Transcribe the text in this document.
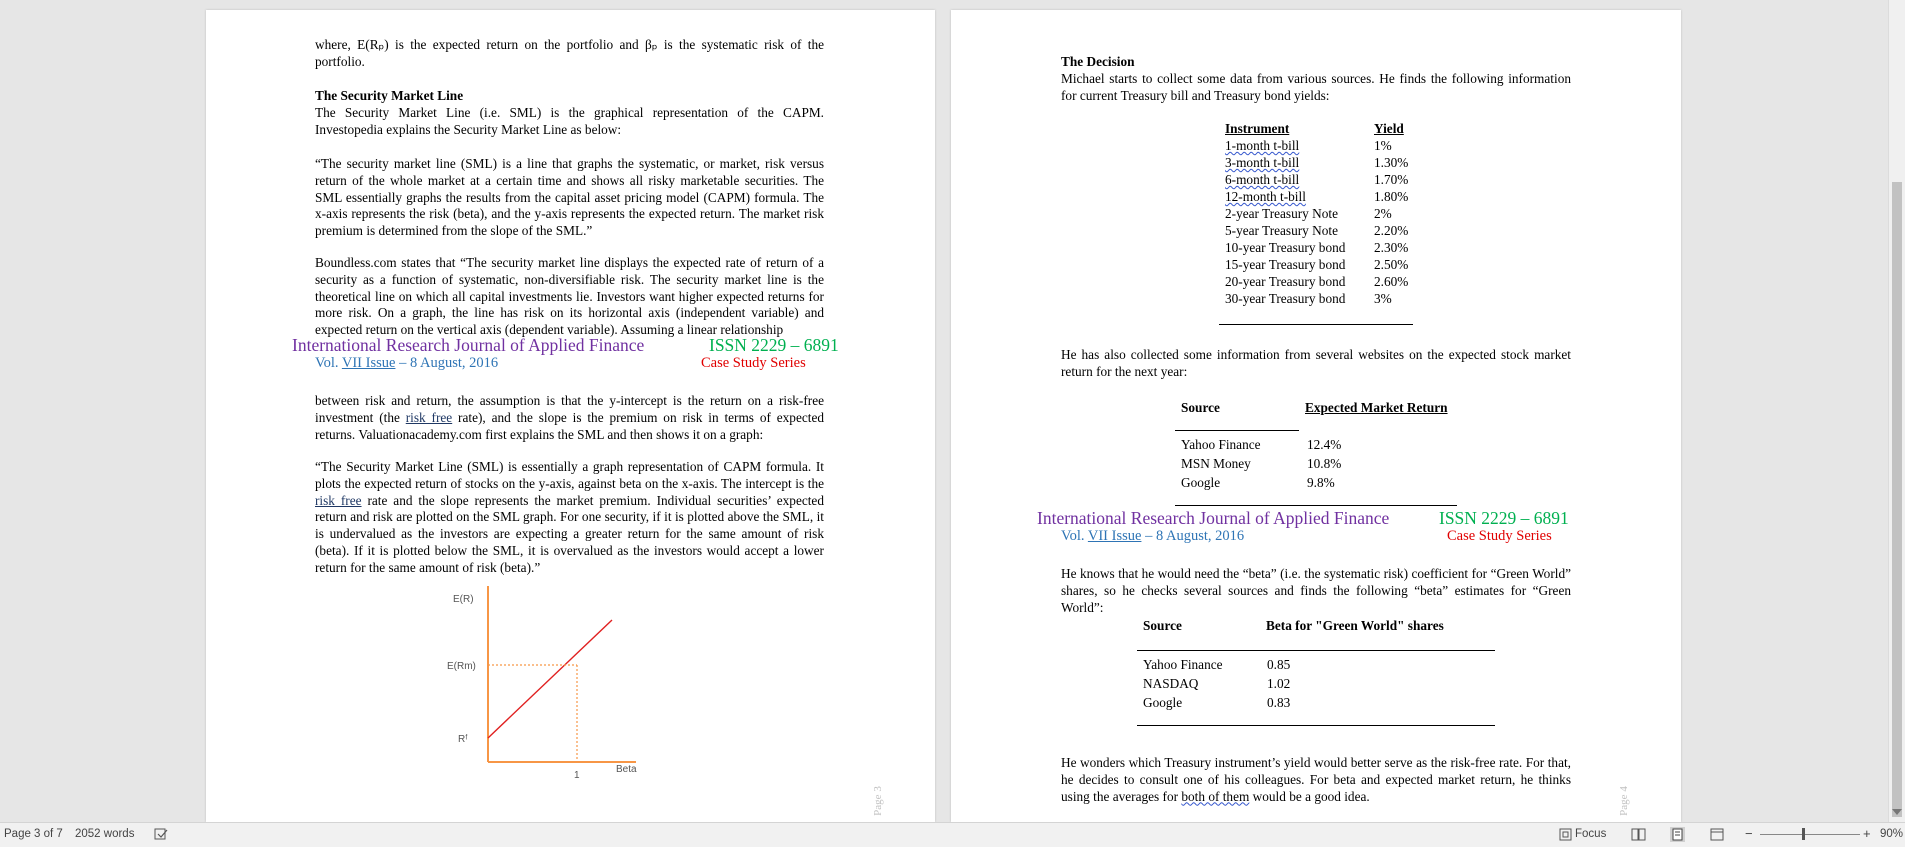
where, E(Rₚ) is the expected return on the portfolio and βₚ is the systematic risk of the portfolio.

The Security Market Line

The Security Market Line (i.e. SML) is the graphical representation of the CAPM. Investopedia explains the Security Market Line as below:

“The security market line (SML) is a line that graphs the systematic, or market, risk versus return of the whole market at a certain time and shows all risky marketable securities. The SML essentially graphs the results from the capital asset pricing model (CAPM) formula. The x-axis represents the risk (beta), and the y-axis represents the expected return. The market risk premium is determined from the slope of the SML.”

Boundless.com states that “The security market line displays the expected rate of return of a security as a function of systematic, non-diversifiable risk. The security market line is the theoretical line on which all capital investments lie. Investors want higher expected returns for more risk. On a graph, the line has risk on its horizontal axis (independent variable) and expected return on the vertical axis (dependent variable). Assuming a linear relationship

International Research Journal of Applied Finance	ISSN 2229 – 6891
Vol. VII Issue – 8 August, 2016	Case Study Series

between risk and return, the assumption is that the y-intercept is the return on a risk-free investment (the risk free rate), and the slope is the premium on risk in terms of expected returns. Valuationacademy.com first explains the SML and then shows it on a graph:

“The Security Market Line (SML) is essentially a graph representation of CAPM formula. It plots the expected return of stocks on the y-axis, against beta on the x-axis. The intercept is the risk free rate and the slope represents the market premium. Individual securities’ expected return and risk are plotted on the SML graph. For one security, if it is plotted above the SML, it is undervalued as the investors are expecting a greater return for the same amount of risk (beta). If it is plotted below the SML, it is overvalued as the investors would accept a lower return for the same amount of risk (beta).”

E(R)
E(Rm)
Rᶠ
1
Beta
Page 3

The Decision

Michael starts to collect some data from various sources. He finds the following information for current Treasury bill and Treasury bond yields:

Instrument	Yield
1-month t-bill	1%
3-month t-bill	1.30%
6-month t-bill	1.70%
12-month t-bill	1.80%
2-year Treasury Note	2%
5-year Treasury Note	2.20%
10-year Treasury bond 2.30%
15-year Treasury bond 2.50%
20-year Treasury bond 2.60%
30-year Treasury bond 3%

He has also collected some information from several websites on the expected stock market return for the next year:

Source	Expected Market Return
Yahoo Finance	12.4%
MSN Money	10.8%
Google	9.8%
International Research Journal of Applied Finance	ISSN 2229 – 6891
Vol. VII Issue – 8 August, 2016	Case Study Series

He knows that he would need the “beta” (i.e. the systematic risk) coefficient for “Green World” shares, so he checks several sources and finds the following “beta” estimates for “Green World”:

Source	Beta for "Green World" shares
Yahoo Finance	0.85
NASDAQ	1.02
Google	0.83

He wonders which Treasury instrument’s yield would better serve as the risk-free rate. For that, he decides to consult one of his colleagues. For beta and expected market return, he thinks using the averages for both of them would be a good idea.	Page 4
Page 3 of 7 2052 words	Focus	−	+ 90%
